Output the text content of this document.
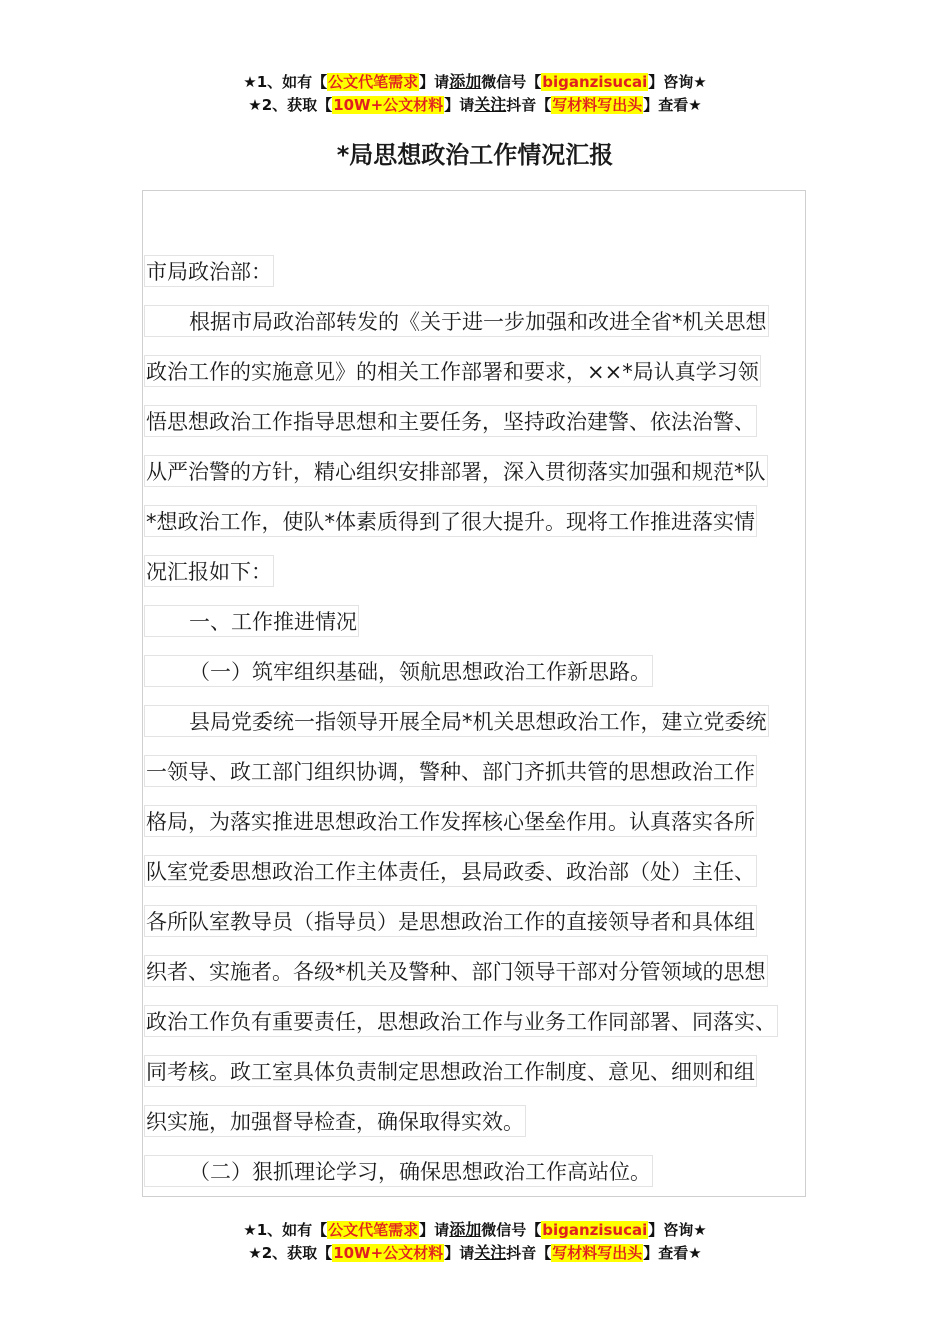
★1、如有【公文代笔需求】请添加微信号【biganzisucai】咨询★
★2、获取【10W+公文材料】请关注抖音【写材料写出头】查看★
*局思想政治工作情况汇报
市局政治部：
根据市局政治部转发的《关于进一步加强和改进全省*机关思想
政治工作的实施意见》的相关工作部署和要求，××*局认真学习领
悟思想政治工作指导思想和主要任务，坚持政治建警、依法治警、
从严治警的方针，精心组织安排部署，深入贯彻落实加强和规范*队
*想政治工作，使队*体素质得到了很大提升。现将工作推进落实情
况汇报如下：
一、工作推进情况
（一）筑牢组织基础，领航思想政治工作新思路。
县局党委统一指领导开展全局*机关思想政治工作，建立党委统
一领导、政工部门组织协调，警种、部门齐抓共管的思想政治工作
格局，为落实推进思想政治工作发挥核心堡垒作用。认真落实各所
队室党委思想政治工作主体责任，县局政委、政治部（处）主任、
各所队室教导员（指导员）是思想政治工作的直接领导者和具体组
织者、实施者。各级*机关及警种、部门领导干部对分管领域的思想
政治工作负有重要责任，思想政治工作与业务工作同部署、同落实、
同考核。政工室具体负责制定思想政治工作制度、意见、细则和组
织实施，加强督导检查，确保取得实效。
（二）狠抓理论学习，确保思想政治工作高站位。
★1、如有【公文代笔需求】请添加微信号【biganzisucai】咨询★
★2、获取【10W+公文材料】请关注抖音【写材料写出头】查看★
